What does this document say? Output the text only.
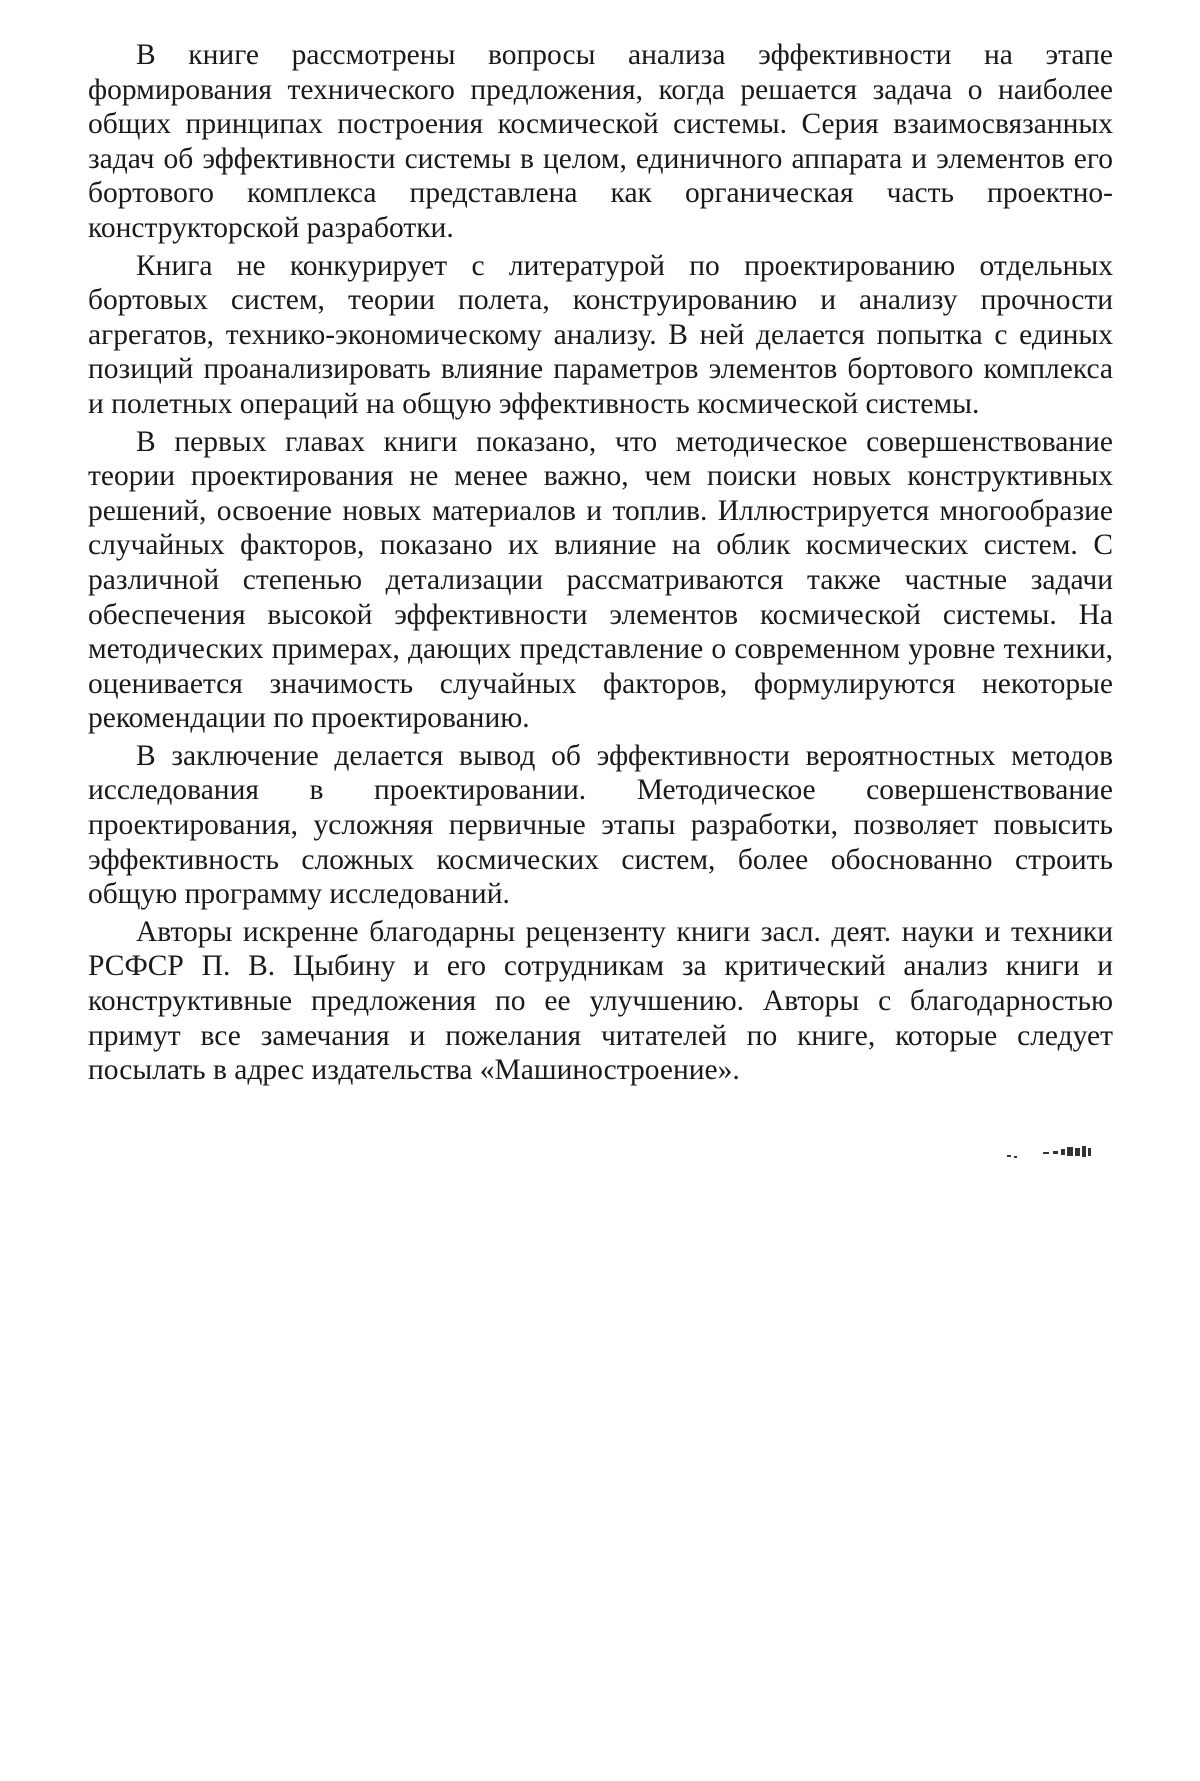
В книге рассмотрены вопросы анализа эффективности на этапе формирования технического предложения, когда решается задача о наиболее общих принципах построения космической системы. Серия взаимосвязанных задач об эффективности системы в целом, единичного аппарата и элементов его бортового комплекса представлена как органическая часть проектно-конструкторской разработки.

Книга не конкурирует с литературой по проектированию отдельных бортовых систем, теории полета, конструированию и анализу прочности агрегатов, технико-экономическому анализу. В ней делается попытка с единых позиций проанализировать влияние параметров элементов бортового комплекса и полетных операций на общую эффективность космической системы.

В первых главах книги показано, что методическое совершенствование теории проектирования не менее важно, чем поиски новых конструктивных решений, освоение новых материалов и топлив. Иллюстрируется многообразие случайных факторов, показано их влияние на облик космических систем. С различной степенью детализации рассматриваются также частные задачи обеспечения высокой эффективности элементов космической системы. На методических примерах, дающих представление о современном уровне техники, оценивается значимость случайных факторов, формулируются некоторые рекомендации по проектированию.

В заключение делается вывод об эффективности вероятностных методов исследования в проектировании. Методическое совершенствование проектирования, усложняя первичные этапы разработки, позволяет повысить эффективность сложных космических систем, более обоснованно строить общую программу исследований.

Авторы искренне благодарны рецензенту книги засл. деят. науки и техники РСФСР П. В. Цыбину и его сотрудникам за критический анализ книги и конструктивные предложения по ее улучшению. Авторы с благодарностью примут все замечания и пожелания читателей по книге, которые следует посылать в адрес издательства «Машиностроение».
